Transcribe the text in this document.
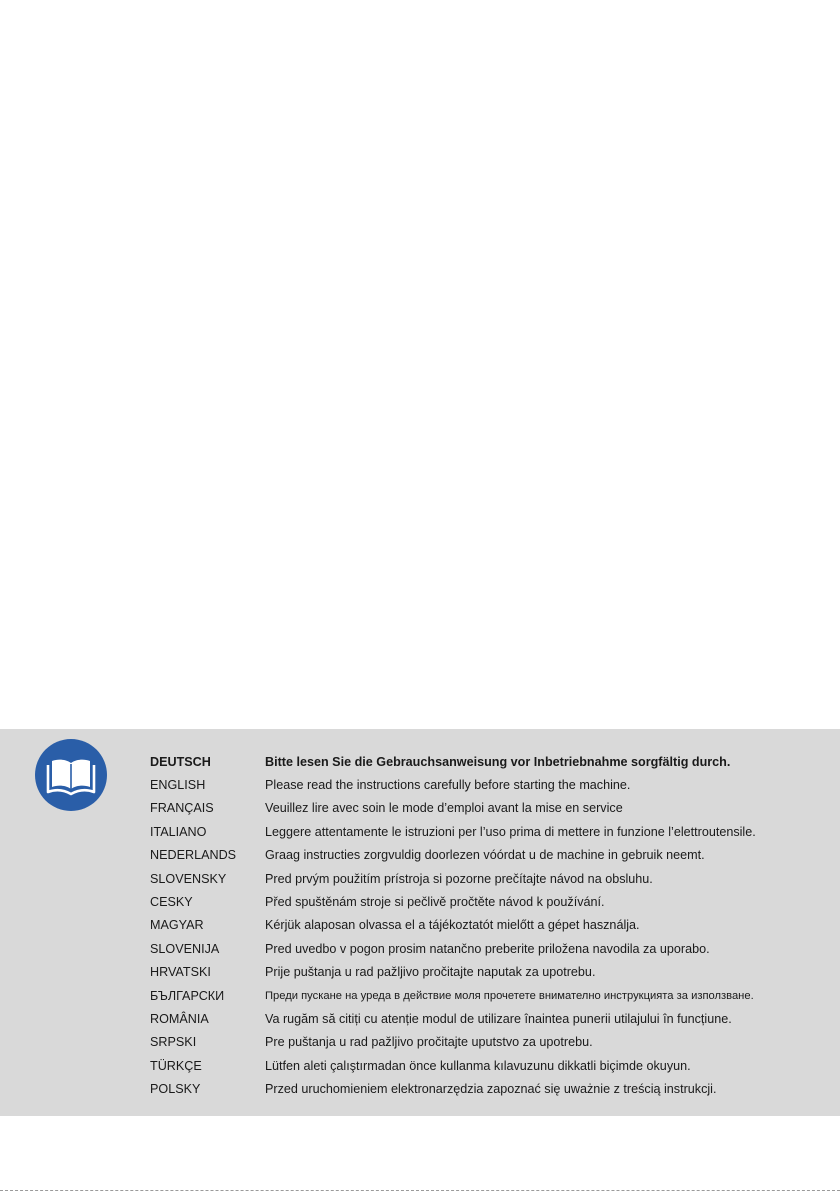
DEUTSCH	Bitte lesen Sie die Gebrauchsanweisung vor Inbetriebnahme sorgfältig durch.
ENGLISH	Please read the instructions carefully before starting the machine.
FRANÇAIS	Veuillez lire avec soin le mode d’emploi avant la mise en service
ITALIANO	Leggere attentamente le istruzioni per l’uso prima di mettere in funzione l’elettroutensile.
NEDERLANDS	Graag instructies zorgvuldig doorlezen vóórdat u de machine in gebruik neemt.
SLOVENSKY	Pred prvým použitím prístroja si pozorne prečítajte návod na obsluhu.
CESKY	Před spuštěnám stroje si pečlivě pročtěte návod k používání.
MAGYAR	Kérjük alaposan olvassa el a tájékoztatót mielőtt a gépet használja.
SLOVENIJA	Pred uvedbo v pogon prosim natančno preberite priložena navodila za uporabo.
HRVATSKI	Prije puštanja u rad pažljivo pročitajte naputak za upotrebu.
БЪЛГАРСКИ	Преди пускане на уреда в действие моля прочетете внимателно инструкцията за използване.
ROMÂNIA	Va rugăm să citiți cu atenție modul de utilizare înaintea punerii utilajului în funcțiune.
SRPSKI	Pre puštanja u rad pažljivo pročitajte uputstvo za upotrebu.
TÜRKÇE	Lütfen aleti çalıştırmadan önce kullanma kılavuzunu dikkatli biçimde okuyun.
POLSKY	Przed uruchomieniem elektronarzędzia zapoznać się uważnie z treścią instrukcji.
